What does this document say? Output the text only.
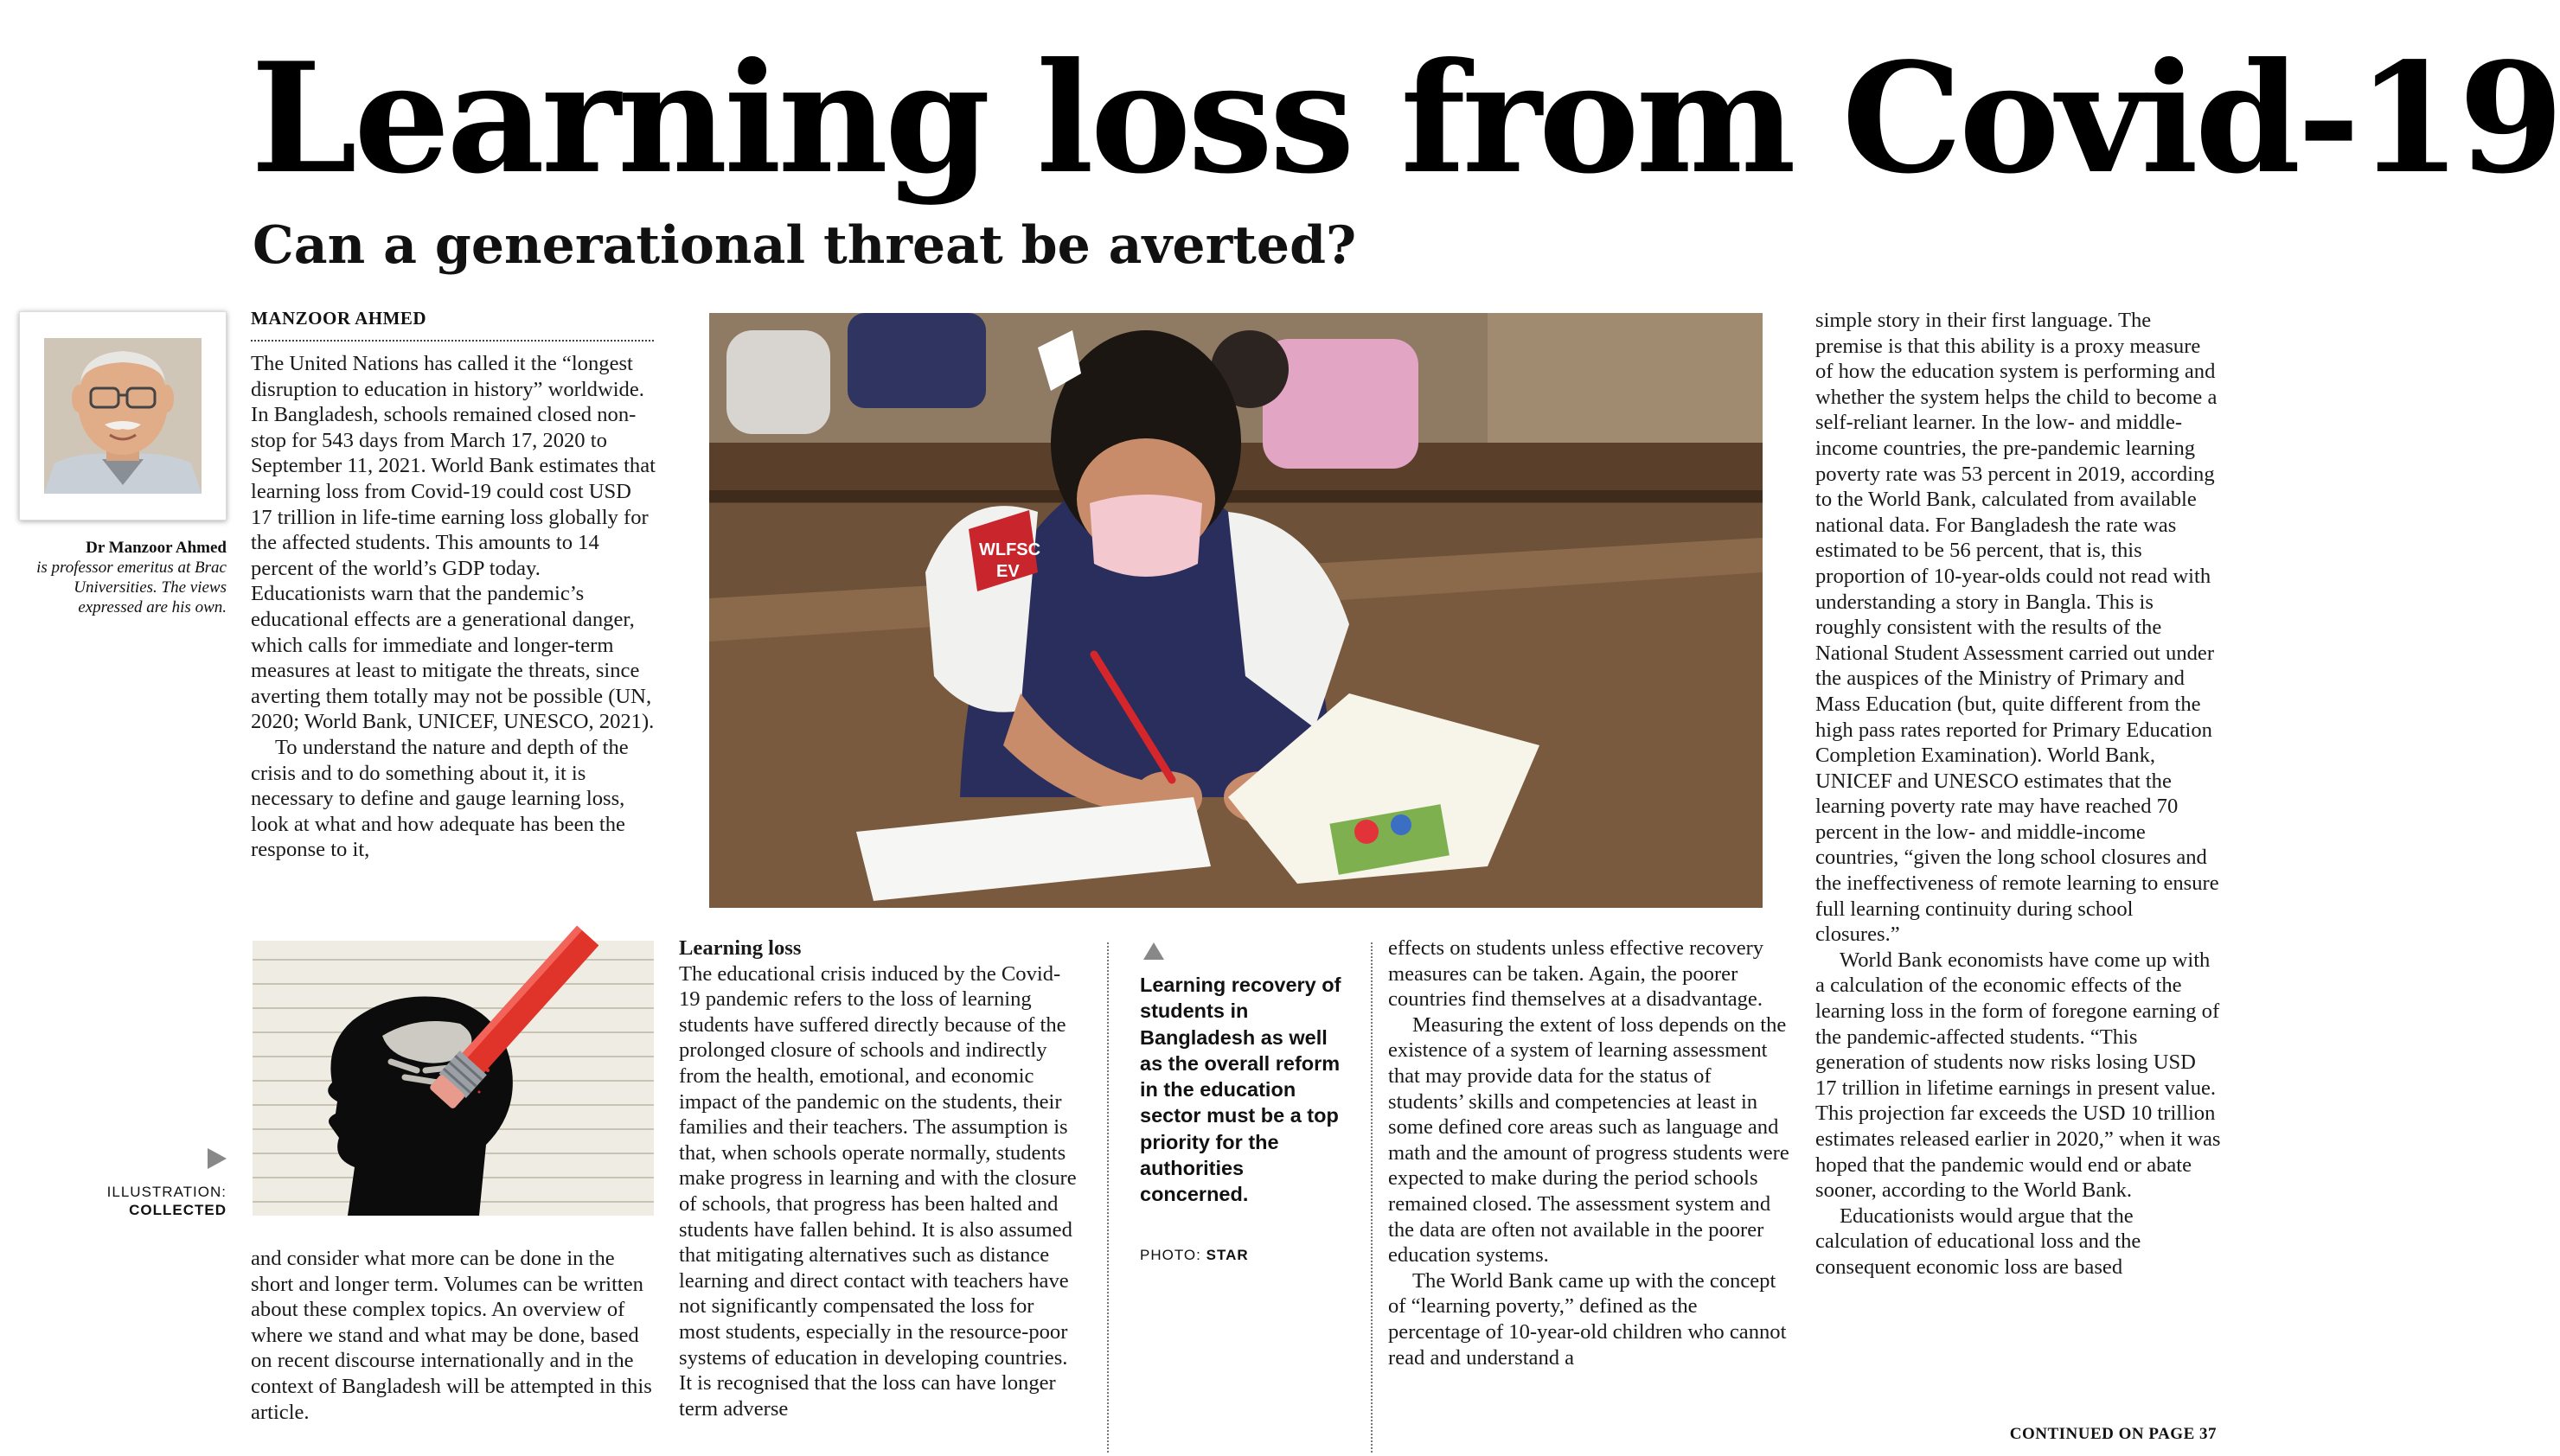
Learning loss from Covid-19
Can a generational threat be averted?
Dr Manzoor Ahmed
is professor emeritus at Brac Universities. The views expressed are his own.
MANZOOR AHMED

The United Nations has called it the “longest disruption to education in history” worldwide. In Bangladesh, schools remained closed non-stop for 543 days from March 17, 2020 to September 11, 2021. World Bank estimates that learning loss from Covid-19 could cost USD 17 trillion in life-time earning loss globally for the affected students. This amounts to 14 percent of the world’s GDP today. Educationists warn that the pandemic’s educational effects are a generational danger, which calls for immediate and longer-term measures at least to mitigate the threats, since averting them totally may not be possible (UN, 2020; World Bank, UNICEF, UNESCO, 2021).

To understand the nature and depth of the crisis and to do something about it, it is necessary to define and gauge learning loss, look at what and how adequate has been the response to it,

ILLUSTRATION:
COLLECTED

and consider what more can be done in the short and longer term. Volumes can be written about these complex topics. An overview of where we stand and what may be done, based on recent discourse internationally and in the context of Bangladesh will be attempted in this article.

WLFSC
EV

Learning loss

The educational crisis induced by the Covid-19 pandemic refers to the loss of learning students have suffered directly because of the prolonged closure of schools and indirectly from the health, emotional, and economic impact of the pandemic on the students, their families and their teachers. The assumption is that, when schools operate normally, students make progress in learning and with the closure of schools, that progress has been halted and students have fallen behind. It is also assumed that mitigating alternatives such as distance learning and direct contact with teachers have not significantly compensated the loss for most students, especially in the resource-poor systems of education in developing countries. It is recognised that the loss can have longer term adverse

Learning recovery of students in Bangladesh as well as the overall reform in the education sector must be a top priority for the authorities concerned.
PHOTO: STAR

effects on students unless effective recovery measures can be taken. Again, the poorer countries find themselves at a disadvantage.

Measuring the extent of loss depends on the existence of a system of learning assessment that may provide data for the status of students’ skills and competencies at least in some defined core areas such as language and math and the amount of progress students were expected to make during the period schools remained closed. The assessment system and the data are often not available in the poorer education systems.

The World Bank came up with the concept of “learning poverty,” defined as the percentage of 10-year-old children who cannot read and understand a

simple story in their first language. The premise is that this ability is a proxy measure of how the education system is performing and whether the system helps the child to become a self-reliant learner. In the low- and middle-income countries, the pre-pandemic learning poverty rate was 53 percent in 2019, according to the World Bank, calculated from available national data. For Bangladesh the rate was estimated to be 56 percent, that is, this proportion of 10-year-olds could not read with understanding a story in Bangla. This is roughly consistent with the results of the National Student Assessment carried out under the auspices of the Ministry of Primary and Mass Education (but, quite different from the high pass rates reported for Primary Education Completion Examination). World Bank, UNICEF and UNESCO estimates that the learning poverty rate may have reached 70 percent in the low- and middle-income countries, “given the long school closures and the ineffectiveness of remote learning to ensure full learning continuity during school closures.”

World Bank economists have come up with a calculation of the economic effects of the learning loss in the form of foregone earning of the pandemic-affected students. “This generation of students now risks losing USD 17 trillion in lifetime earnings in present value. This projection far exceeds the USD 10 trillion estimates released earlier in 2020,” when it was hoped that the pandemic would end or abate sooner, according to the World Bank.

Educationists would argue that the calculation of educational loss and the consequent economic loss are based

CONTINUED ON PAGE 37
